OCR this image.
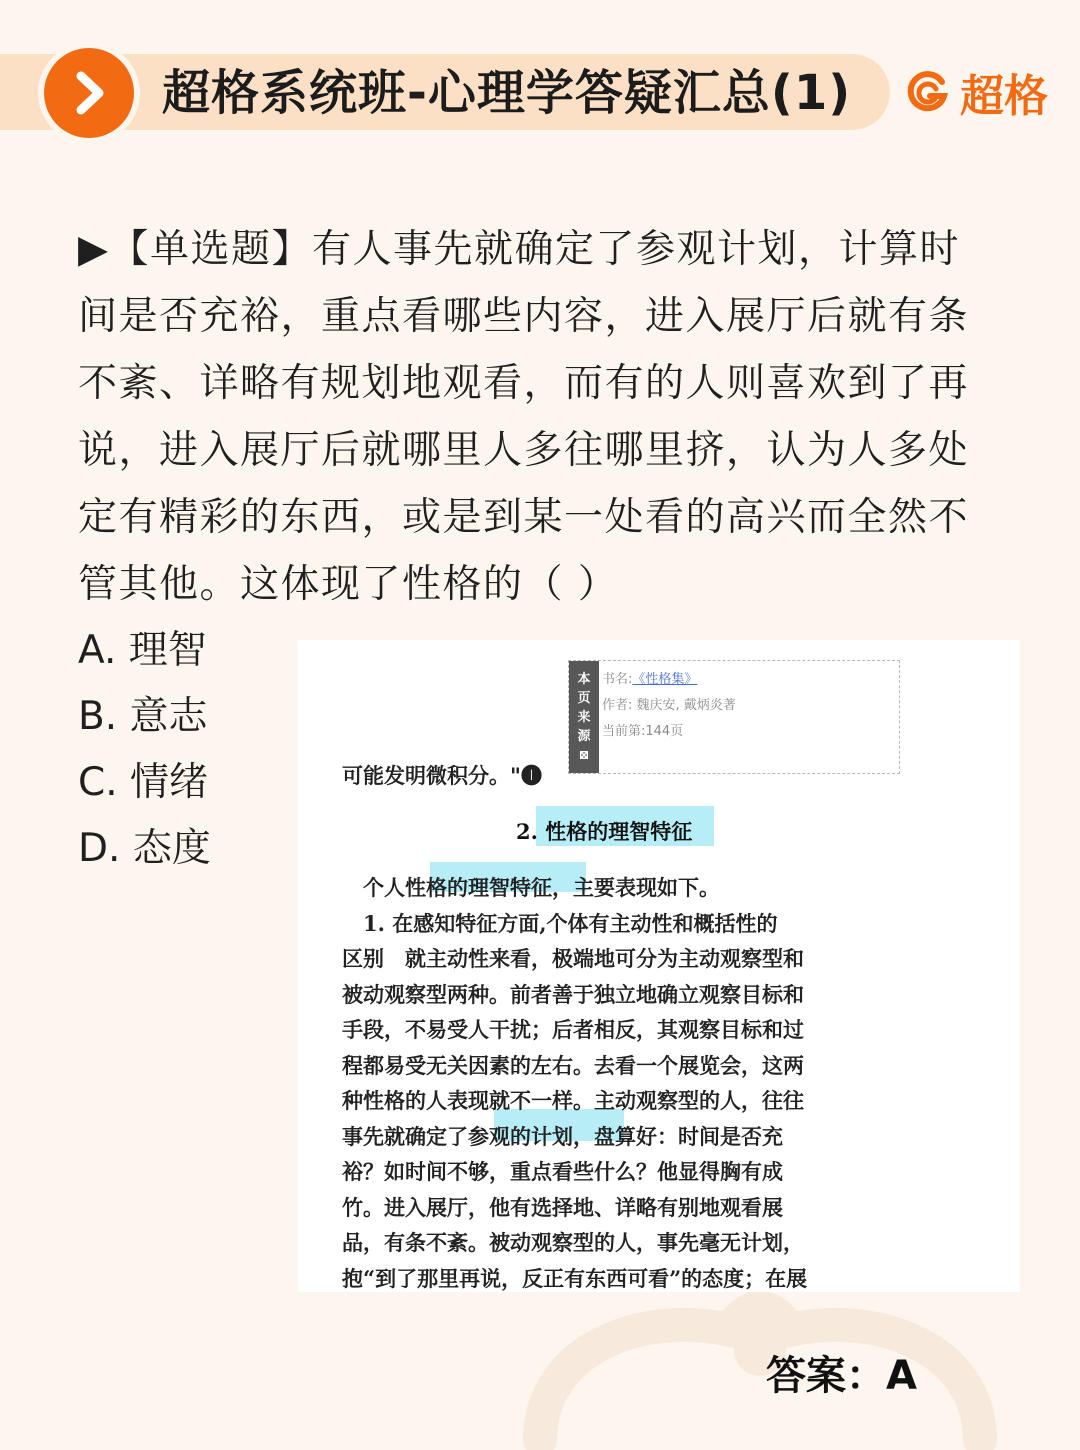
超格系统班-心理学答疑汇总(1) 超格
▶【单选题】有人事先就确定了参观计划，计算时间是否充裕，重点看哪些内容，进入展厅后就有条不紊、详略有规划地观看，而有的人则喜欢到了再说，进入展厅后就哪里人多往哪里挤，认为人多处定有精彩的东西，或是到某一处看的高兴而全然不管其他。这体现了性格的（ ）
A. 理智
B. 意志
C. 情绪
D. 态度
本
页
来
源
⊠
书名:《性格集》
作者: 魏庆安, 戴炳炎著
当前第:144页
可能发明微积分。"❶
2. 性格的理智特征
　个人性格的理智特征，主要表现如下。
　1. 在感知特征方面,个体有主动性和概括性的
区别　就主动性来看，极端地可分为主动观察型和
被动观察型两种。前者善于独立地确立观察目标和
手段，不易受人干扰；后者相反，其观察目标和过
程都易受无关因素的左右。去看一个展览会，这两
种性格的人表现就不一样。主动观察型的人，往往
事先就确定了参观的计划，盘算好：时间是否充
裕？如时间不够，重点看些什么？他显得胸有成
竹。进入展厅，他有选择地、详略有别地观看展
品，有条不紊。被动观察型的人，事先毫无计划，
抱“到了那里再说，反正有东西可看”的态度；在展
答案：A
